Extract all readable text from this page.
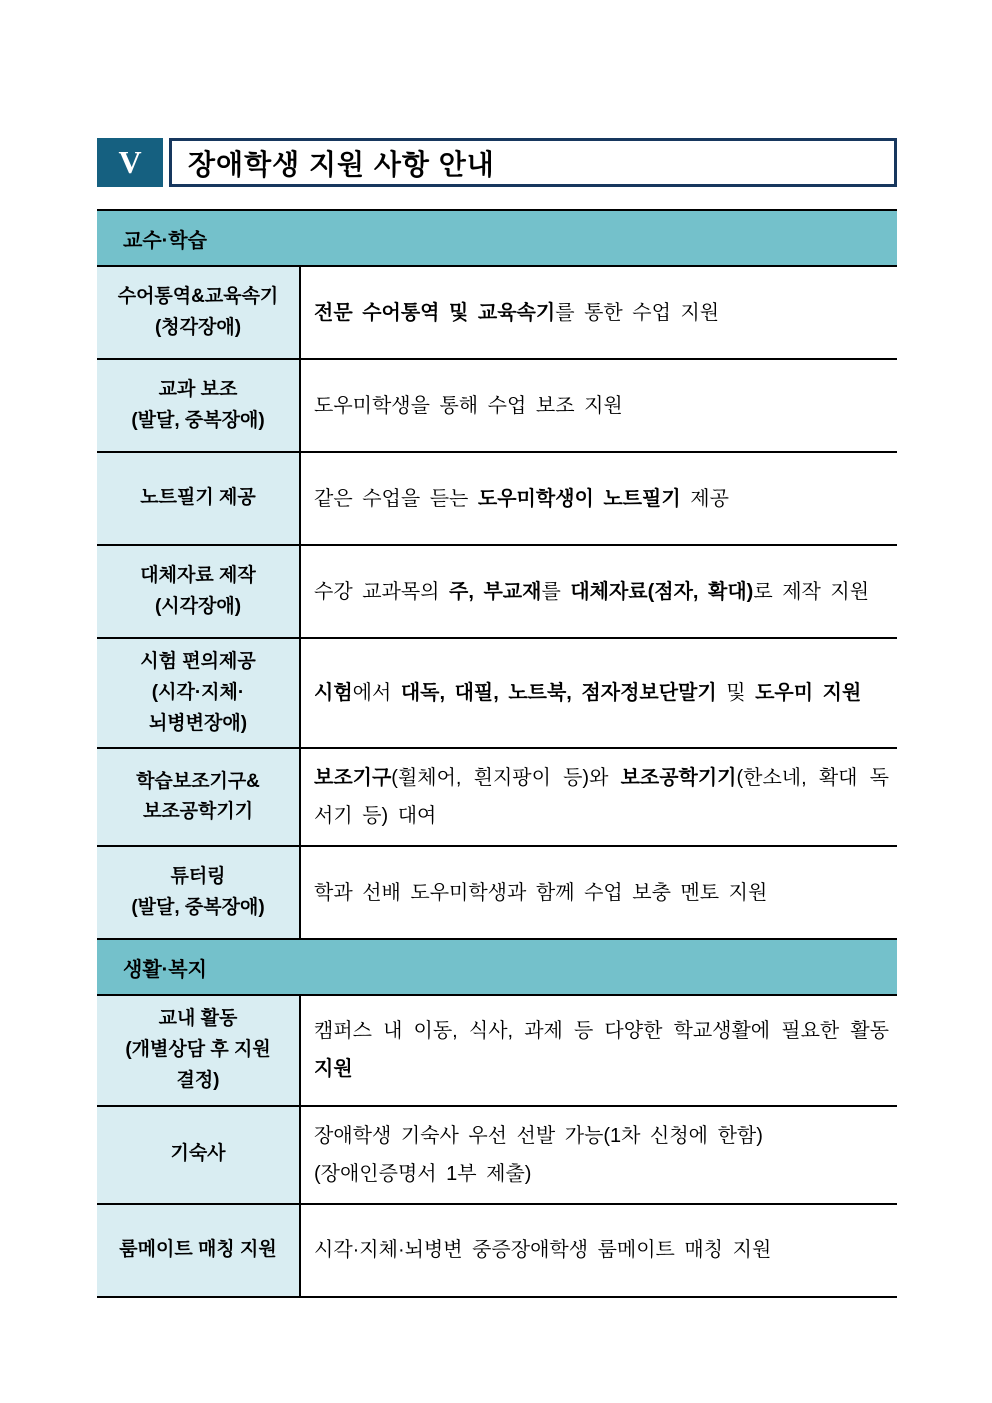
V 장애학생 지원 사항 안내
교수·학습
수어통역&교육속기
(청각장애)
전문 수어통역 및 교육속기를 통한 수업 지원
교과 보조
(발달, 중복장애)
도우미학생을 통해 수업 보조 지원
노트필기 제공	같은 수업을 듣는 도우미학생이 노트필기 제공
대체자료 제작
(시각장애)
수강 교과목의 주, 부교재를 대체자료(점자, 확대)로 제작 지원
시험 편의제공
(시각·지체·
뇌병변장애)
시험에서 대독, 대필, 노트북, 점자정보단말기 및 도우미 지원
학습보조기구&
보조공학기기
보조기구(휠체어, 흰지팡이 등)와 보조공학기기(한소네, 확대 독서기 등) 대여
튜터링
(발달, 중복장애)
학과 선배 도우미학생과 함께 수업 보충 멘토 지원
생활·복지
교내 활동
(개별상담 후 지원
결정)
캠퍼스 내 이동, 식사, 과제 등 다양한 학교생활에 필요한 활동 지원
기숙사
장애학생 기숙사 우선 선발 가능(1차 신청에 한함)
(장애인증명서 1부 제출)
룸메이트 매칭 지원 시각·지체·뇌병변 중증장애학생 룸메이트 매칭 지원
